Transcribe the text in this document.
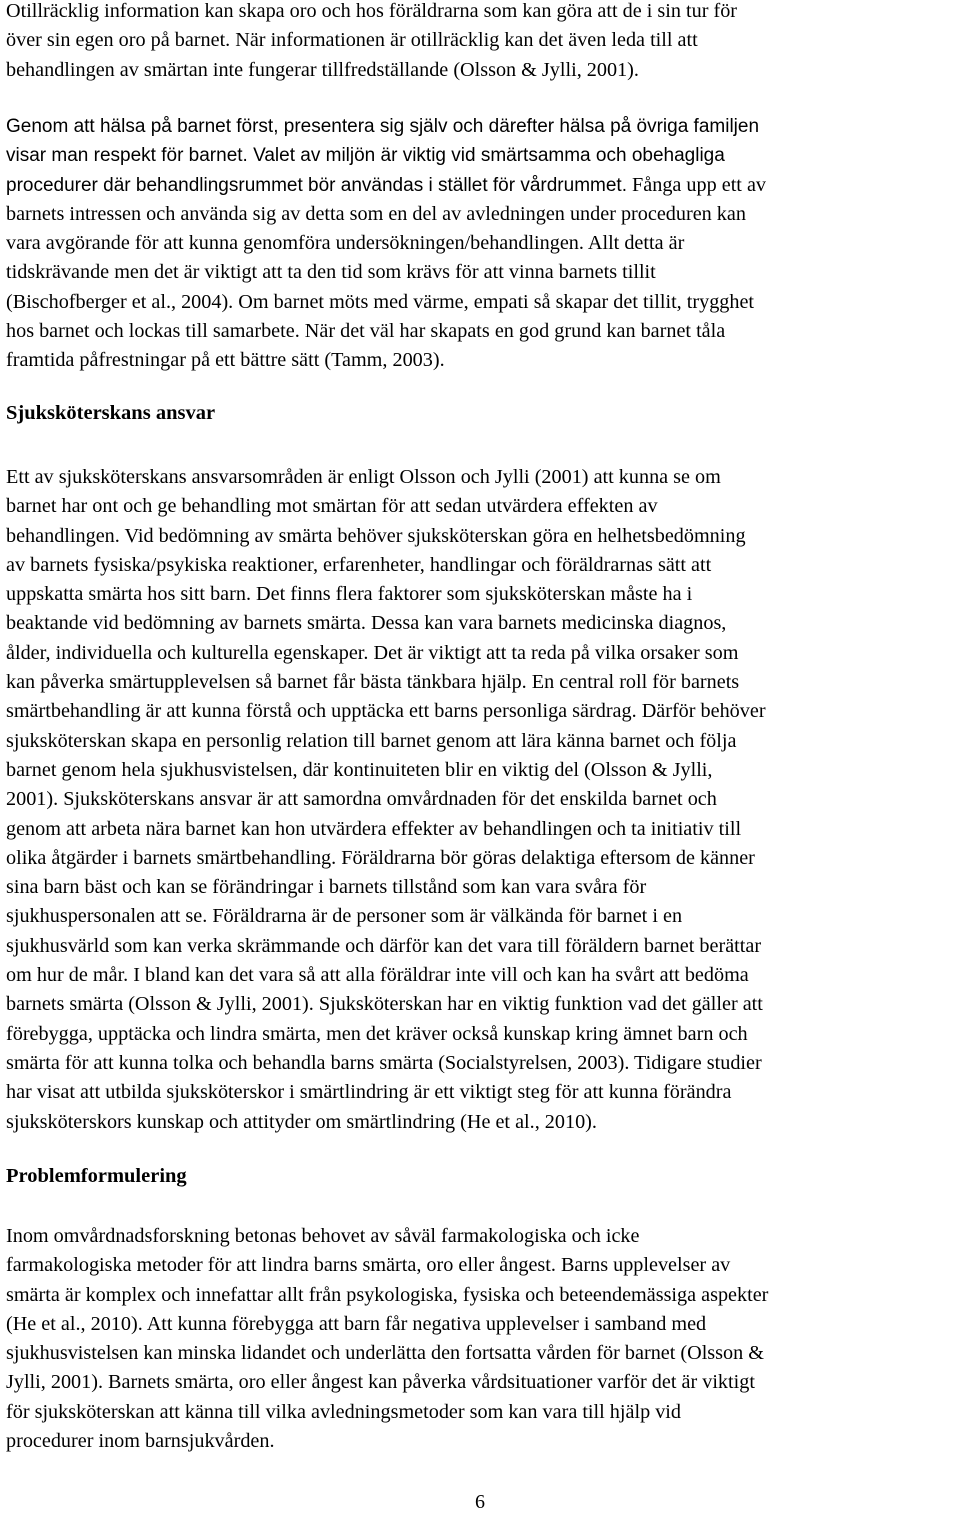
Otillräcklig information kan skapa oro och hos föräldrarna som kan göra att de i sin tur för
över sin egen oro på barnet. När informationen är otillräcklig kan det även leda till att
behandlingen av smärtan inte fungerar tillfredställande (Olsson & Jylli, 2001).
Genom att hälsa på barnet först, presentera sig själv och därefter hälsa på övriga familjen
visar man respekt för barnet. Valet av miljön är viktig vid smärtsamma och obehagliga
procedurer där behandlingsrummet bör användas i stället för vårdrummet. Fånga upp ett av
barnets intressen och använda sig av detta som en del av avledningen under proceduren kan
vara avgörande för att kunna genomföra undersökningen/behandlingen. Allt detta är
tidskrävande men det är viktigt att ta den tid som krävs för att vinna barnets tillit
(Bischofberger et al., 2004). Om barnet möts med värme, empati så skapar det tillit, trygghet
hos barnet och lockas till samarbete. När det väl har skapats en god grund kan barnet tåla
framtida påfrestningar på ett bättre sätt (Tamm, 2003).
Sjuksköterskans ansvar
Ett av sjuksköterskans ansvarsområden är enligt Olsson och Jylli (2001) att kunna se om
barnet har ont och ge behandling mot smärtan för att sedan utvärdera effekten av
behandlingen. Vid bedömning av smärta behöver sjuksköterskan göra en helhetsbedömning
av barnets fysiska/psykiska reaktioner, erfarenheter, handlingar och föräldrarnas sätt att
uppskatta smärta hos sitt barn. Det finns flera faktorer som sjuksköterskan måste ha i
beaktande vid bedömning av barnets smärta. Dessa kan vara barnets medicinska diagnos,
ålder, individuella och kulturella egenskaper. Det är viktigt att ta reda på vilka orsaker som
kan påverka smärtupplevelsen så barnet får bästa tänkbara hjälp. En central roll för barnets
smärtbehandling är att kunna förstå och upptäcka ett barns personliga särdrag. Därför behöver
sjuksköterskan skapa en personlig relation till barnet genom att lära känna barnet och följa
barnet genom hela sjukhusvistelsen, där kontinuiteten blir en viktig del (Olsson & Jylli,
2001). Sjuksköterskans ansvar är att samordna omvårdnaden för det enskilda barnet och
genom att arbeta nära barnet kan hon utvärdera effekter av behandlingen och ta initiativ till
olika åtgärder i barnets smärtbehandling. Föräldrarna bör göras delaktiga eftersom de känner
sina barn bäst och kan se förändringar i barnets tillstånd som kan vara svåra för
sjukhuspersonalen att se. Föräldrarna är de personer som är välkända för barnet i en
sjukhusvärld som kan verka skrämmande och därför kan det vara till föräldern barnet berättar
om hur de mår. I bland kan det vara så att alla föräldrar inte vill och kan ha svårt att bedöma
barnets smärta (Olsson & Jylli, 2001). Sjuksköterskan har en viktig funktion vad det gäller att
förebygga, upptäcka och lindra smärta, men det kräver också kunskap kring ämnet barn och
smärta för att kunna tolka och behandla barns smärta (Socialstyrelsen, 2003). Tidigare studier
har visat att utbilda sjuksköterskor i smärtlindring är ett viktigt steg för att kunna förändra
sjuksköterskors kunskap och attityder om smärtlindring (He et al., 2010).
Problemformulering
Inom omvårdnadsforskning betonas behovet av såväl farmakologiska och icke
farmakologiska metoder för att lindra barns smärta, oro eller ångest. Barns upplevelser av
smärta är komplex och innefattar allt från psykologiska, fysiska och beteendemässiga aspekter
(He et al., 2010). Att kunna förebygga att barn får negativa upplevelser i samband med
sjukhusvistelsen kan minska lidandet och underlätta den fortsatta vården för barnet (Olsson &
Jylli, 2001). Barnets smärta, oro eller ångest kan påverka vårdsituationer varför det är viktigt
för sjuksköterskan att känna till vilka avledningsmetoder som kan vara till hjälp vid
procedurer inom barnsjukvården.
6
